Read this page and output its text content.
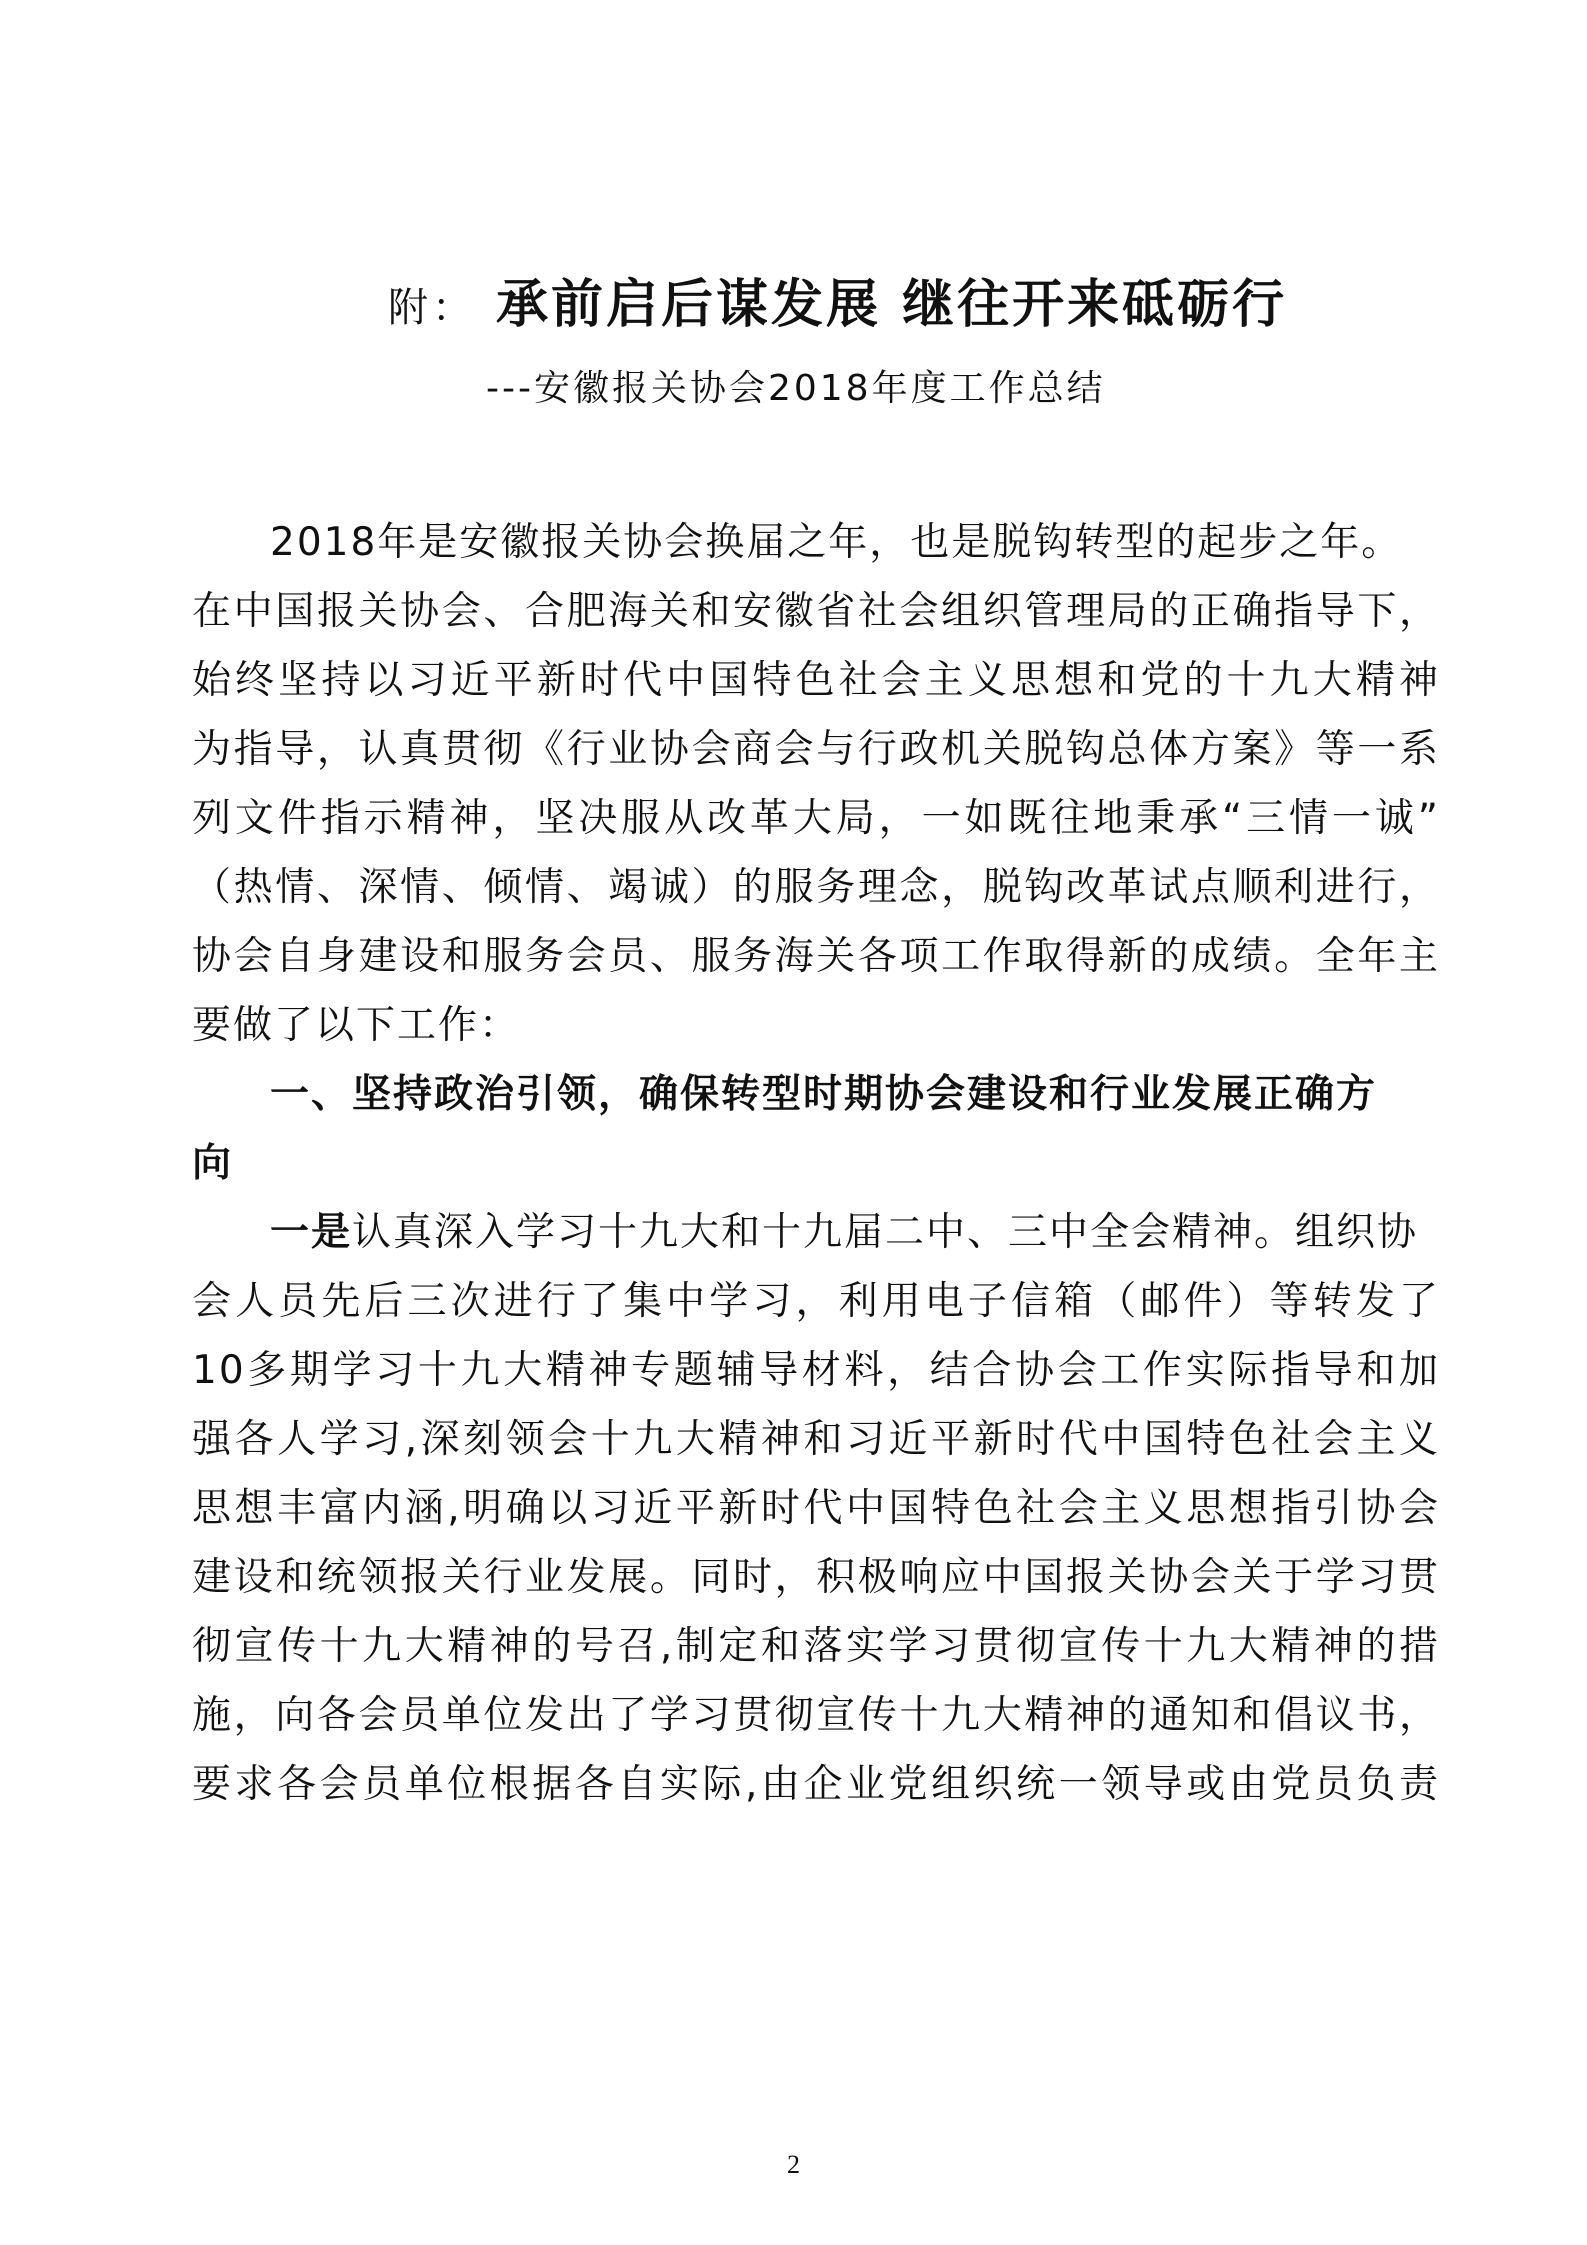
附： 承前启后谋发展 继往开来砥砺行
---安徽报关协会2018年度工作总结
2018年是安徽报关协会换届之年，也是脱钩转型的起步之年。
在中国报关协会、合肥海关和安徽省社会组织管理局的正确指导下，
始终坚持以习近平新时代中国特色社会主义思想和党的十九大精神
为指导，认真贯彻《行业协会商会与行政机关脱钩总体方案》等一系
列文件指示精神，坚决服从改革大局，一如既往地秉承“三情一诚”
（热情、深情、倾情、竭诚）的服务理念，脱钩改革试点顺利进行，
协会自身建设和服务会员、服务海关各项工作取得新的成绩。全年主
要做了以下工作：
一、坚持政治引领，确保转型时期协会建设和行业发展正确方
向
一是认真深入学习十九大和十九届二中、三中全会精神。组织协
会人员先后三次进行了集中学习，利用电子信箱（邮件）等转发了
10多期学习十九大精神专题辅导材料，结合协会工作实际指导和加
强各人学习,深刻领会十九大精神和习近平新时代中国特色社会主义
思想丰富内涵,明确以习近平新时代中国特色社会主义思想指引协会
建设和统领报关行业发展。同时，积极响应中国报关协会关于学习贯
彻宣传十九大精神的号召,制定和落实学习贯彻宣传十九大精神的措
施，向各会员单位发出了学习贯彻宣传十九大精神的通知和倡议书，
要求各会员单位根据各自实际,由企业党组织统一领导或由党员负责
2
